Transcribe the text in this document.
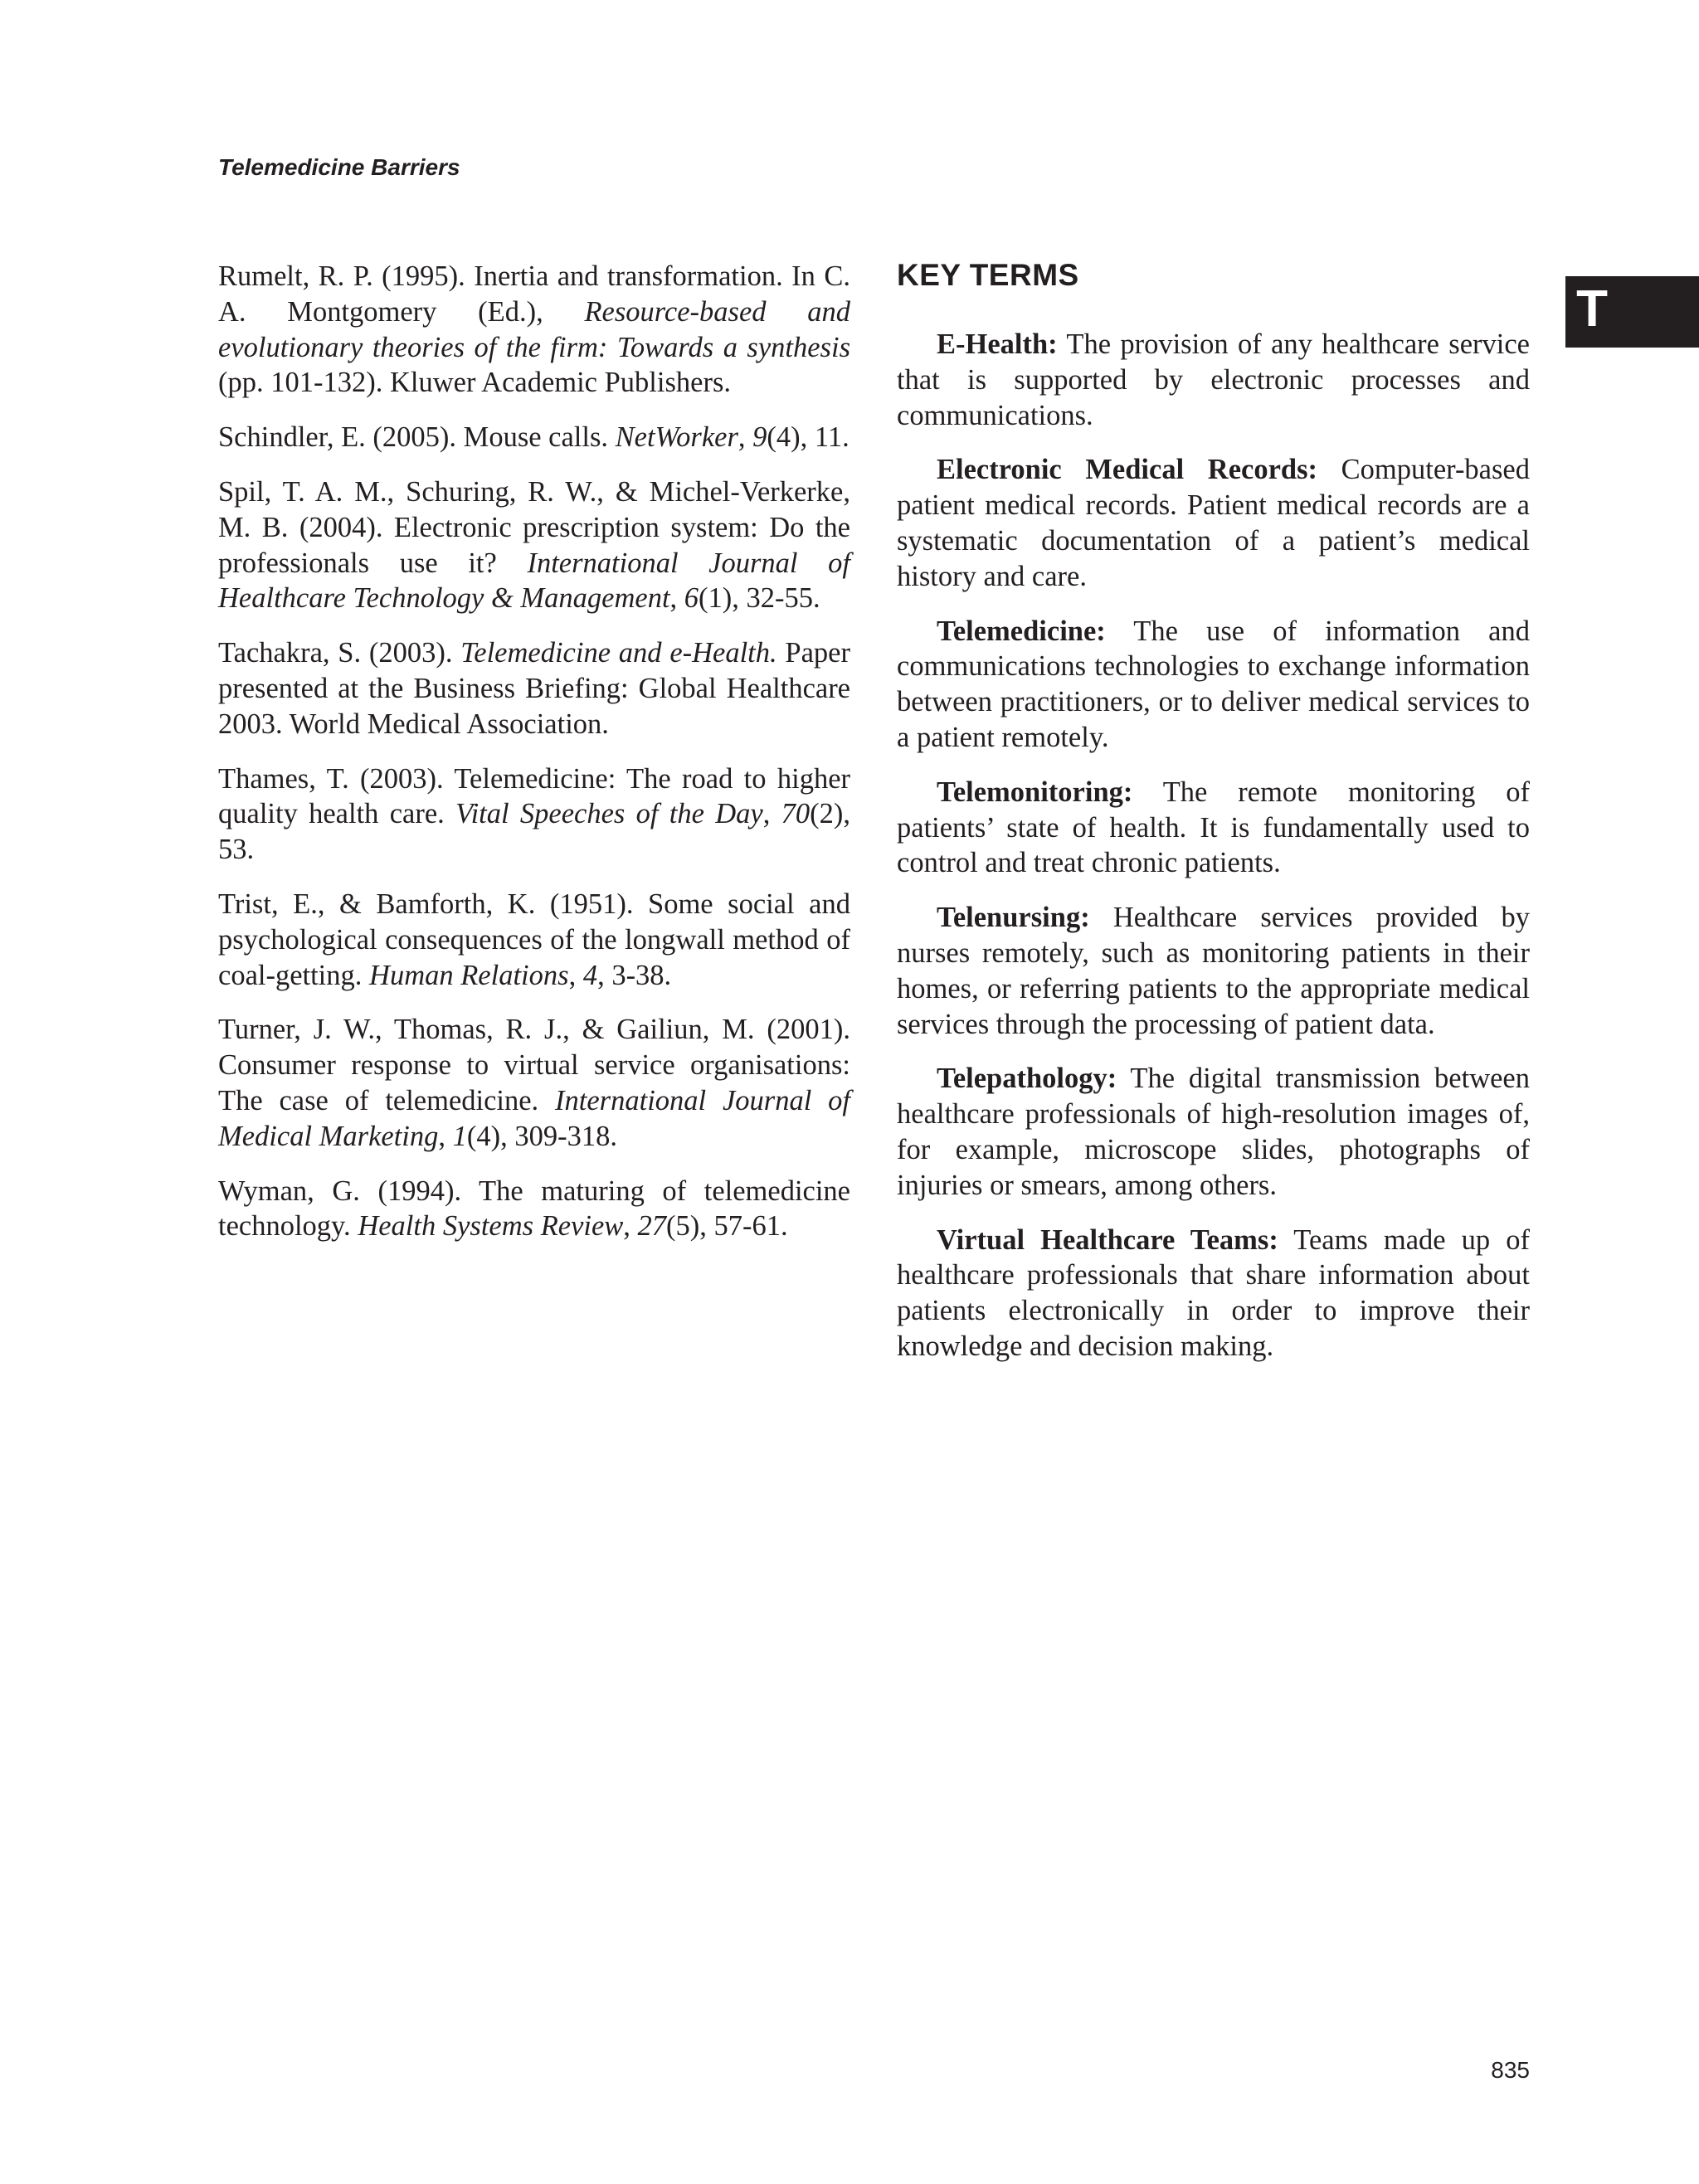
Telemedicine Barriers

T

Rumelt, R. P. (1995). Inertia and transformation. In C. A. Montgomery (Ed.), Resource-based and evolutionary theories of the firm: Towards a synthesis (pp. 101-132). Kluwer Academic Publishers.

Schindler, E. (2005). Mouse calls. NetWorker, 9(4), 11.

Spil, T. A. M., Schuring, R. W., & Michel-Verkerke, M. B. (2004). Electronic prescription system: Do the professionals use it? International Journal of Healthcare Technology & Management, 6(1), 32-55.

Tachakra, S. (2003). Telemedicine and e-Health. Paper presented at the Business Briefing: Global Healthcare 2003. World Medical Association.

Thames, T. (2003). Telemedicine: The road to higher quality health care. Vital Speeches of the Day, 70(2), 53.

Trist, E., & Bamforth, K. (1951). Some social and psychological consequences of the longwall method of coal-getting. Human Relations, 4, 3-38.

Turner, J. W., Thomas, R. J., & Gailiun, M. (2001). Consumer response to virtual service organisations: The case of telemedicine. International Journal of Medical Marketing, 1(4), 309-318.

Wyman, G. (1994). The maturing of telemedicine technology. Health Systems Review, 27(5), 57-61.

KEY TERMS

E-Health: The provision of any healthcare service that is supported by electronic processes and communications.

Electronic Medical Records: Computer-based patient medical records. Patient medical records are a systematic documentation of a patient’s medical history and care.

Telemedicine: The use of information and communications technologies to exchange information between practitioners, or to deliver medical services to a patient remotely.

Telemonitoring: The remote monitoring of patients’ state of health. It is fundamentally used to control and treat chronic patients.

Telenursing: Healthcare services provided by nurses remotely, such as monitoring patients in their homes, or referring patients to the appropriate medical services through the processing of patient data.

Telepathology: The digital transmission between healthcare professionals of high-resolution images of, for example, microscope slides, photographs of injuries or smears, among others.

Virtual Healthcare Teams: Teams made up of healthcare professionals that share information about patients electronically in order to improve their knowledge and decision making.

835
